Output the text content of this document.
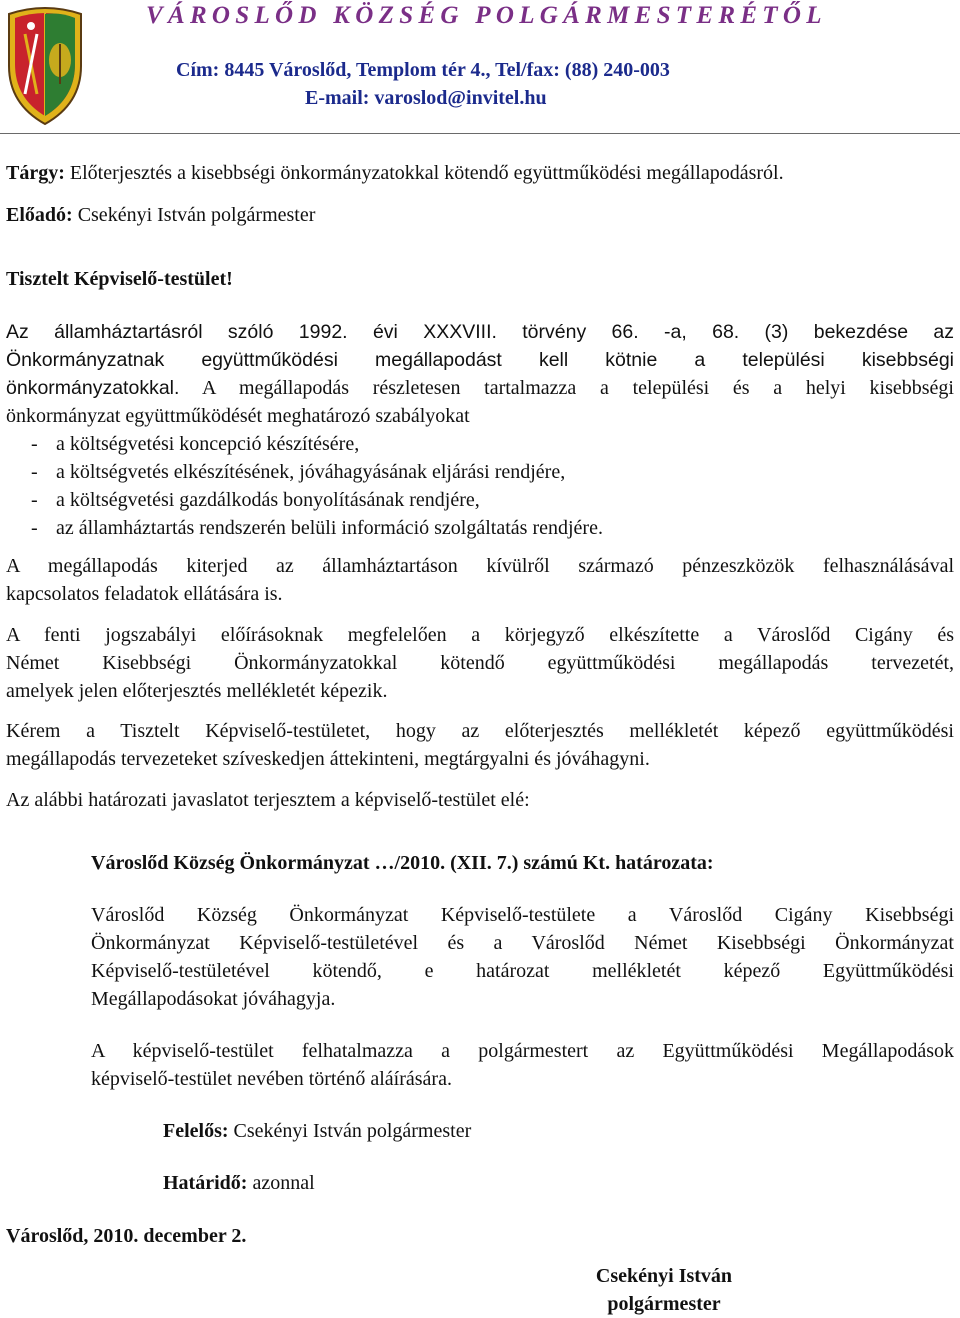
VÁROSLŐD KÖZSÉG POLGÁRMESTERÉTŐL
Cím: 8445 Városlőd, Templom tér 4., Tel/fax: (88) 240-003
E-mail: varoslod@invitel.hu
Tárgy: Előterjesztés a kisebbségi önkormányzatokkal kötendő együttműködési megállapodásról.
Előadó: Csekényi István polgármester
Tisztelt Képviselő-testület!
Az államháztartásról szóló 1992. évi XXXVIII. törvény 66. -a, 68. (3) bekezdése az
Önkormányzatnak együttműködési megállapodást kell kötnie a települési kisebbségi
önkormányzatokkal. A megállapodás részletesen tartalmazza a települési és a helyi kisebbségi
önkormányzat együttműködését meghatározó szabályokat
- a költségvetési koncepció készítésére,
- a költségvetés elkészítésének, jóváhagyásának eljárási rendjére,
- a költségvetési gazdálkodás bonyolításának rendjére,
- az államháztartás rendszerén belüli információ szolgáltatás rendjére.
A megállapodás kiterjed az államháztartáson kívülről származó pénzeszközök felhasználásával
kapcsolatos feladatok ellátására is.
A fenti jogszabályi előírásoknak megfelelően a körjegyző elkészítette a Városlőd Cigány és
Német Kisebbségi Önkormányzatokkal kötendő együttműködési megállapodás tervezetét,
amelyek jelen előterjesztés mellékletét képezik.
Kérem a Tisztelt Képviselő-testületet, hogy az előterjesztés mellékletét képező együttműködési
megállapodás tervezeteket szíveskedjen áttekinteni, megtárgyalni és jóváhagyni.
Az alábbi határozati javaslatot terjesztem a képviselő-testület elé:
Városlőd Község Önkormányzat …/2010. (XII. 7.) számú Kt. határozata:
Városlőd Község Önkormányzat Képviselő-testülete a Városlőd Cigány Kisebbségi
Önkormányzat Képviselő-testületével és a Városlőd Német Kisebbségi Önkormányzat
Képviselő-testületével kötendő, e határozat mellékletét képező Együttműködési
Megállapodásokat jóváhagyja.
A képviselő-testület felhatalmazza a polgármestert az Együttműködési Megállapodások
képviselő-testület nevében történő aláírására.
Felelős: Csekényi István polgármester
Határidő: azonnal
Városlőd, 2010. december 2.
Csekényi István
polgármester
